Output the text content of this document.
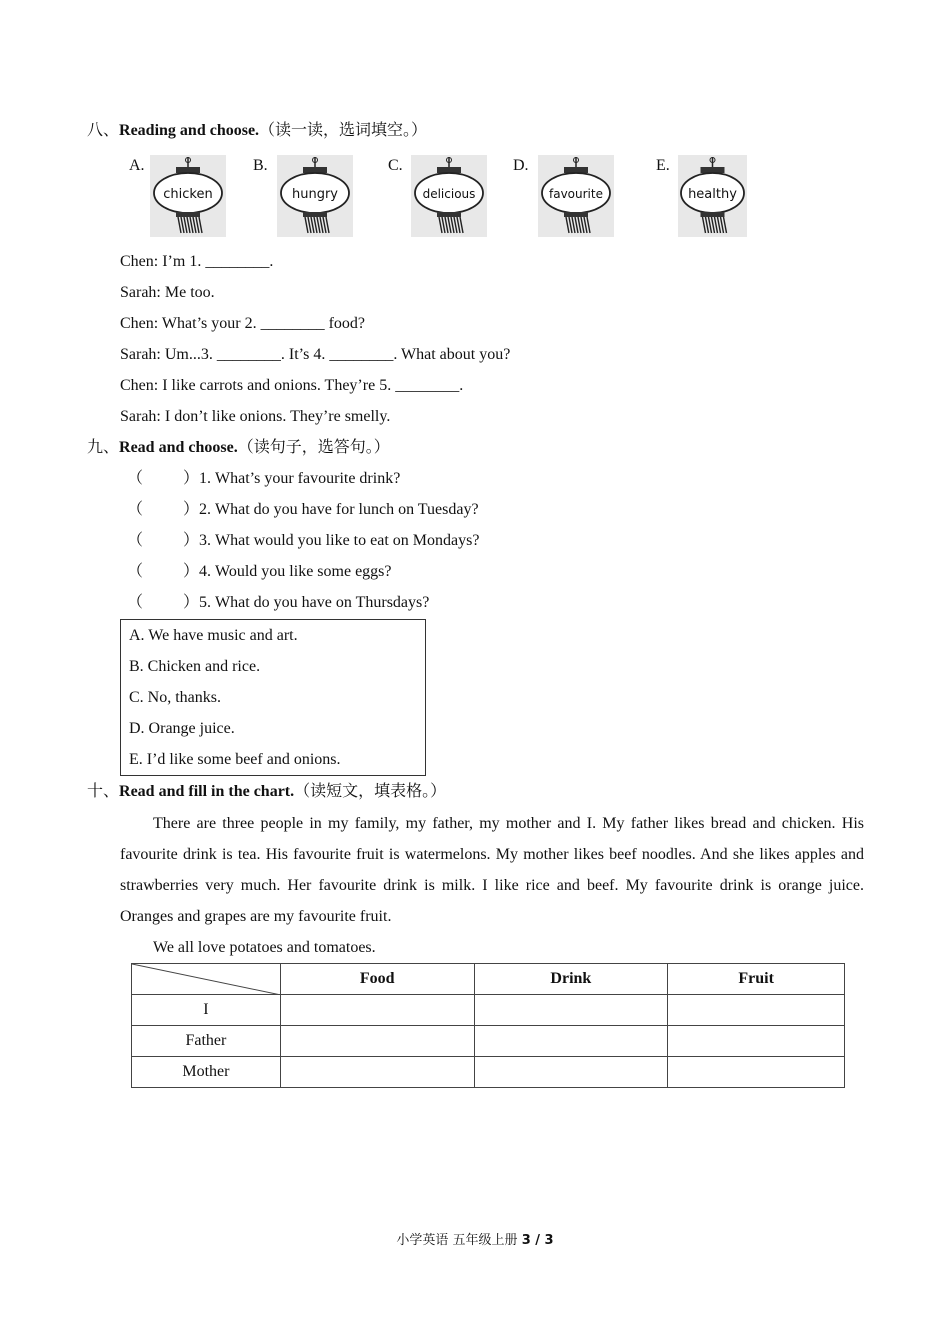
八、Reading and choose.（读一读，选词填空。）
A.	B.	C.	D.	E.
chicken	hungry	delicious	favourite	healthy
Chen: I’m 1. ________.
Sarah: Me too.
Chen: What’s your 2. ________ food?
Sarah: Um...3. ________. It’s 4. ________. What about you?
Chen: I like carrots and onions. They’re 5. ________.
Sarah: I don’t like onions. They’re smelly.
九、Read and choose.（读句子，选答句。）
（	）1. What’s your favourite drink?
（	）2. What do you have for lunch on Tuesday?
（	）3. What would you like to eat on Mondays?
（	）4. Would you like some eggs?
（	）5. What do you have on Thursdays?
A. We have music and art.
B. Chicken and rice.
C. No, thanks.
D. Orange juice.
E. I’d like some beef and onions.
十、Read and fill in the chart.（读短文，填表格。）
There are three people in my family, my father, my mother and I. My father likes bread and chicken. His favourite drink is tea. His favourite fruit is watermelons. My mother likes beef noodles. And she likes apples and strawberries very much. Her favourite drink is milk. I like rice and beef. My favourite drink is orange juice. Oranges and grapes are my favourite fruit.
We all love potatoes and tomatoes.
	Food	Drink	Fruit
I			
Father			
Mother			
小学英语 五年级上册 3 / 3
